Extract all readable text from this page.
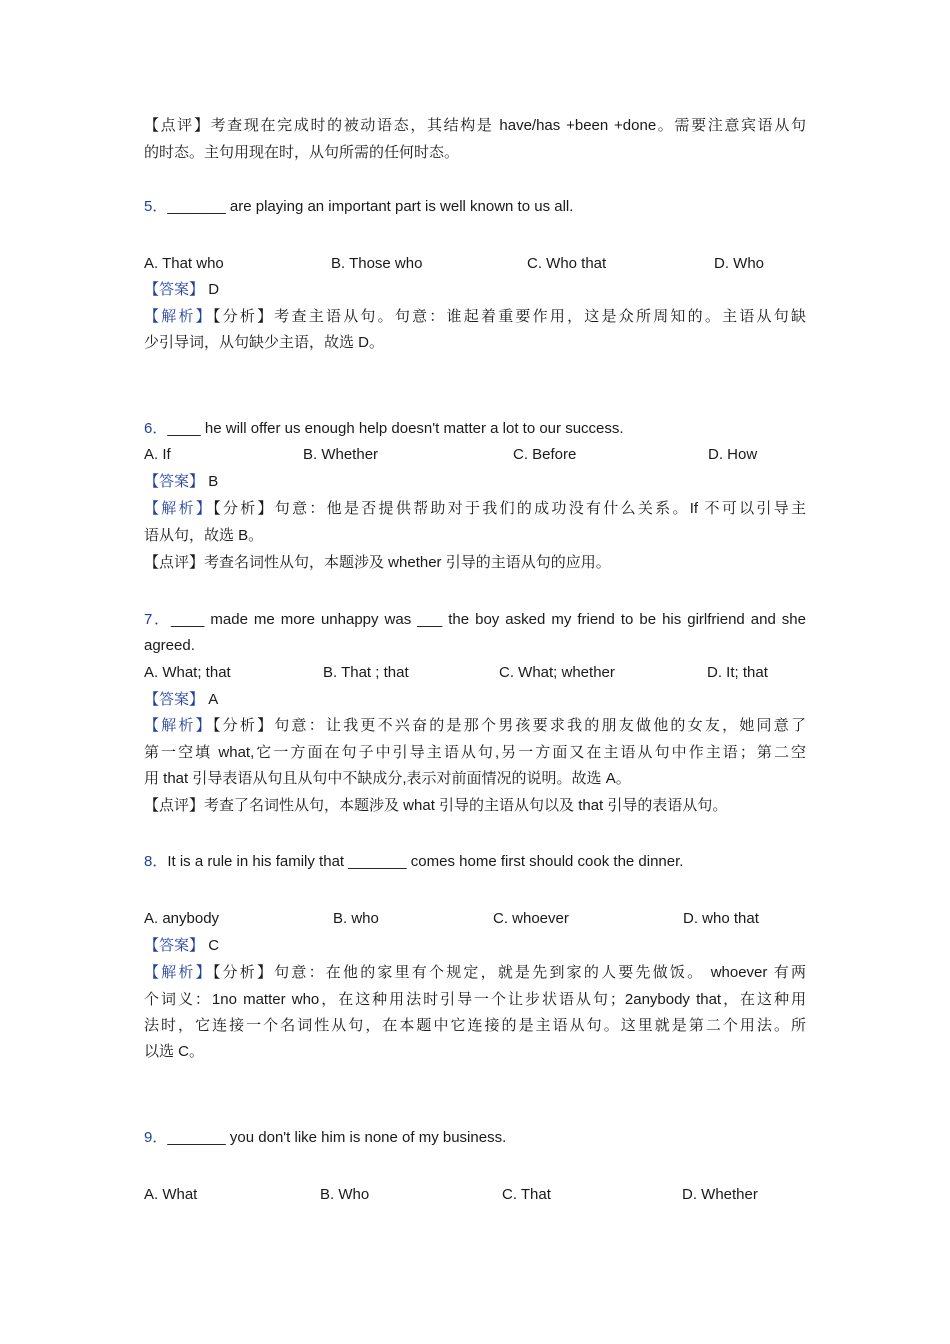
【点评】考查现在完成时的被动语态，其结构是 have/has +been +done。需要注意宾语从句
的时态。主句用现在时，从句所需的任何时态。
5．_______ are playing an important part is well known to us all.
A. That who	B. Those who	C. Who that	D. Who
【答案】 D
【解析】【分析】考查主语从句。句意：谁起着重要作用，这是众所周知的。主语从句缺
少引导词，从句缺少主语，故选 D。
6．____ he will offer us enough help doesn't matter a lot to our success.
A. If	B. Whether	C. Before	D. How
【答案】 B
【解析】【分析】句意：他是否提供帮助对于我们的成功没有什么关系。If 不可以引导主
语从句，故选 B。
【点评】考查名词性从句，本题涉及 whether 引导的主语从句的应用。
7．____ made me more unhappy was ___ the boy asked my friend to be his girlfriend and she
agreed.
A. What; that	B. That ; that	C. What; whether	D. It; that
【答案】 A
【解析】【分析】句意：让我更不兴奋的是那个男孩要求我的朋友做他的女友，她同意了
第一空填 what,它一方面在句子中引导主语从句,另一方面又在主语从句中作主语；第二空
用 that 引导表语从句且从句中不缺成分,表示对前面情况的说明。故选 A。
【点评】考查了名词性从句，本题涉及 what 引导的主语从句以及 that 引导的表语从句。
8．It is a rule in his family that _______ comes home first should cook the dinner.
A. anybody	B. who	C. whoever	D. who that
【答案】 C
【解析】【分析】句意：在他的家里有个规定，就是先到家的人要先做饭。 whoever 有两
个词义：1no matter who，在这种用法时引导一个让步状语从句；2anybody that，在这种用
法时，它连接一个名词性从句，在本题中它连接的是主语从句。这里就是第二个用法。所
以选 C。
9．_______ you don't like him is none of my business.
A. What	B. Who	C. That	D. Whether
